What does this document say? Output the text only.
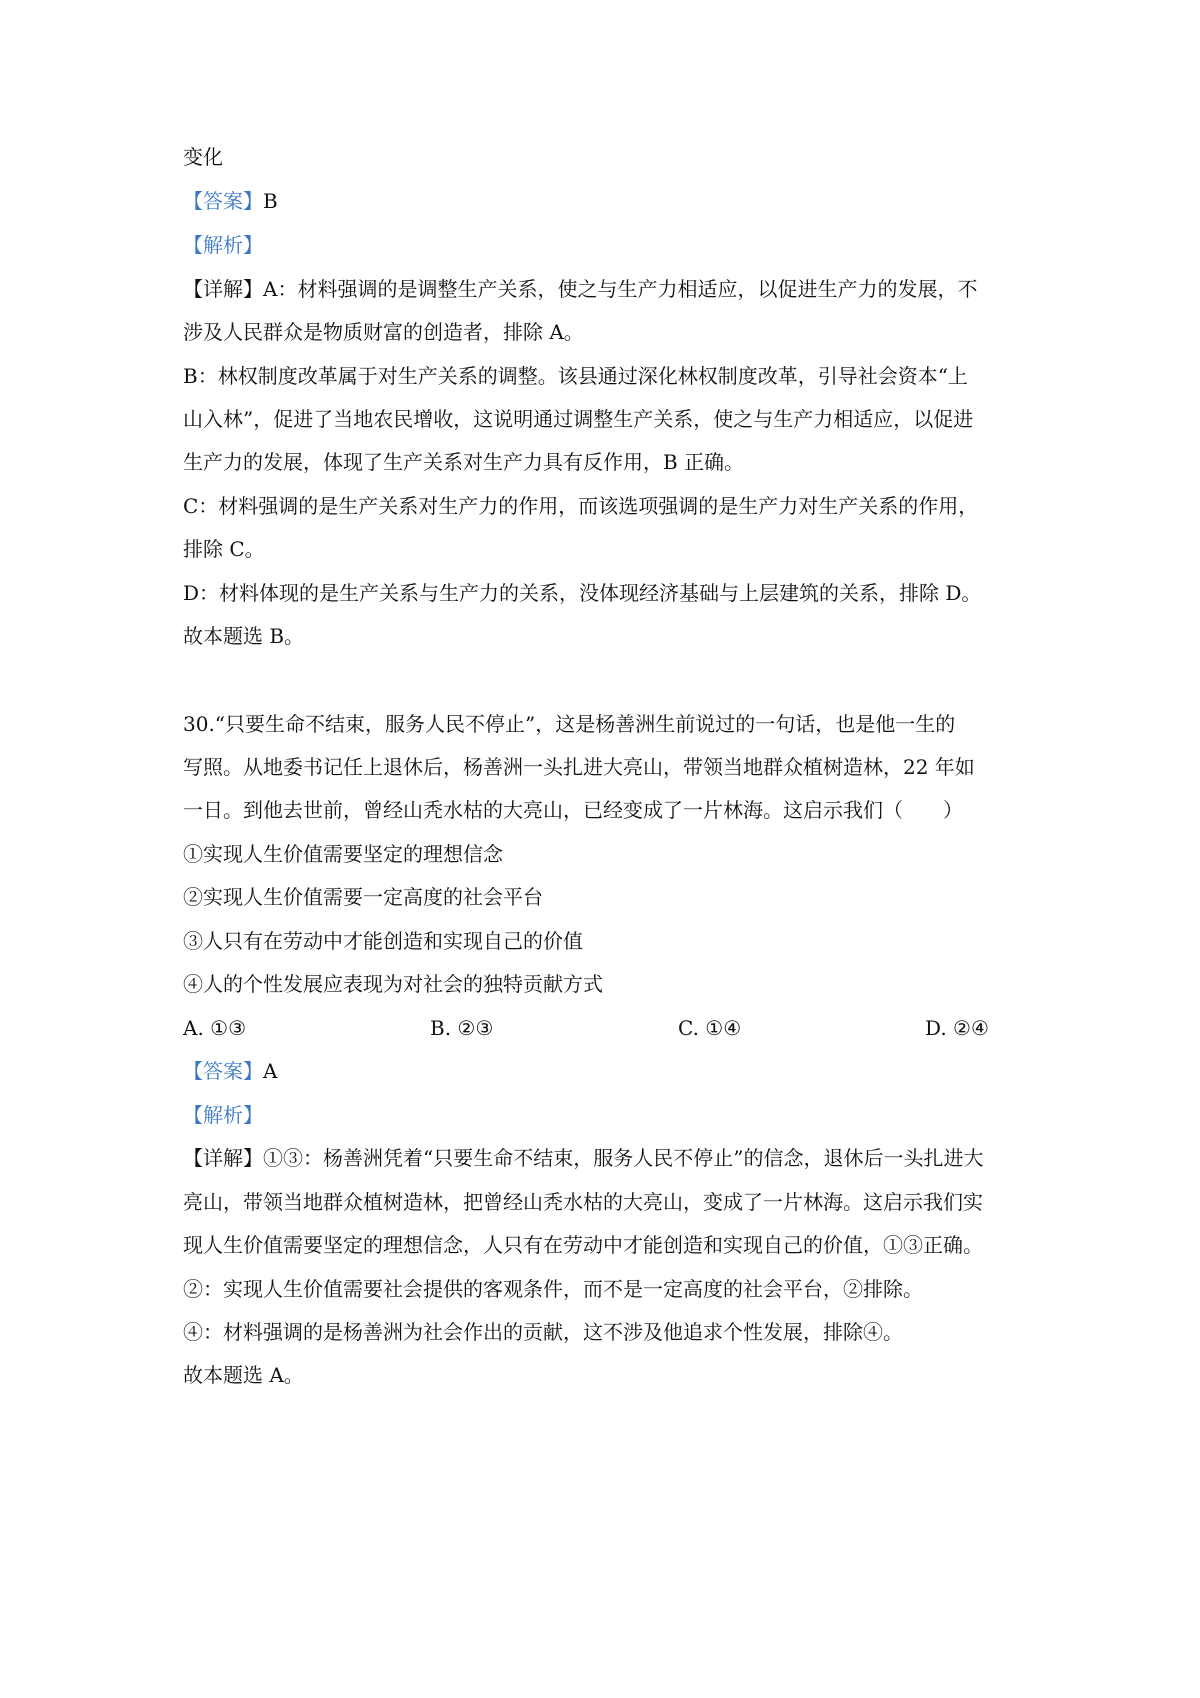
变化
【答案】B
【解析】
【详解】A：材料强调的是调整生产关系，使之与生产力相适应，以促进生产力的发展，不
涉及人民群众是物质财富的创造者，排除 A。
B：林权制度改革属于对生产关系的调整。该县通过深化林权制度改革，引导社会资本“上
山入林”，促进了当地农民增收，这说明通过调整生产关系，使之与生产力相适应，以促进
生产力的发展，体现了生产关系对生产力具有反作用，B 正确。
C：材料强调的是生产关系对生产力的作用，而该选项强调的是生产力对生产关系的作用，
排除 C。
D：材料体现的是生产关系与生产力的关系，没体现经济基础与上层建筑的关系，排除 D。
故本题选 B。
30.“只要生命不结束，服务人民不停止”，这是杨善洲生前说过的一句话，也是他一生的
写照。从地委书记任上退休后，杨善洲一头扎进大亮山，带领当地群众植树造林，22 年如
一日。到他去世前，曾经山秃水枯的大亮山，已经变成了一片林海。这启示我们（　　）
①实现人生价值需要坚定的理想信念
②实现人生价值需要一定高度的社会平台
③人只有在劳动中才能创造和实现自己的价值
④人的个性发展应表现为对社会的独特贡献方式
A. ①③	B. ②③	C. ①④	D. ②④
【答案】A
【解析】
【详解】①③：杨善洲凭着“只要生命不结束，服务人民不停止”的信念，退休后一头扎进大
亮山，带领当地群众植树造林，把曾经山秃水枯的大亮山，变成了一片林海。这启示我们实
现人生价值需要坚定的理想信念，人只有在劳动中才能创造和实现自己的价值，①③正确。
②：实现人生价值需要社会提供的客观条件，而不是一定高度的社会平台，②排除。
④：材料强调的是杨善洲为社会作出的贡献，这不涉及他追求个性发展，排除④。
故本题选 A。
